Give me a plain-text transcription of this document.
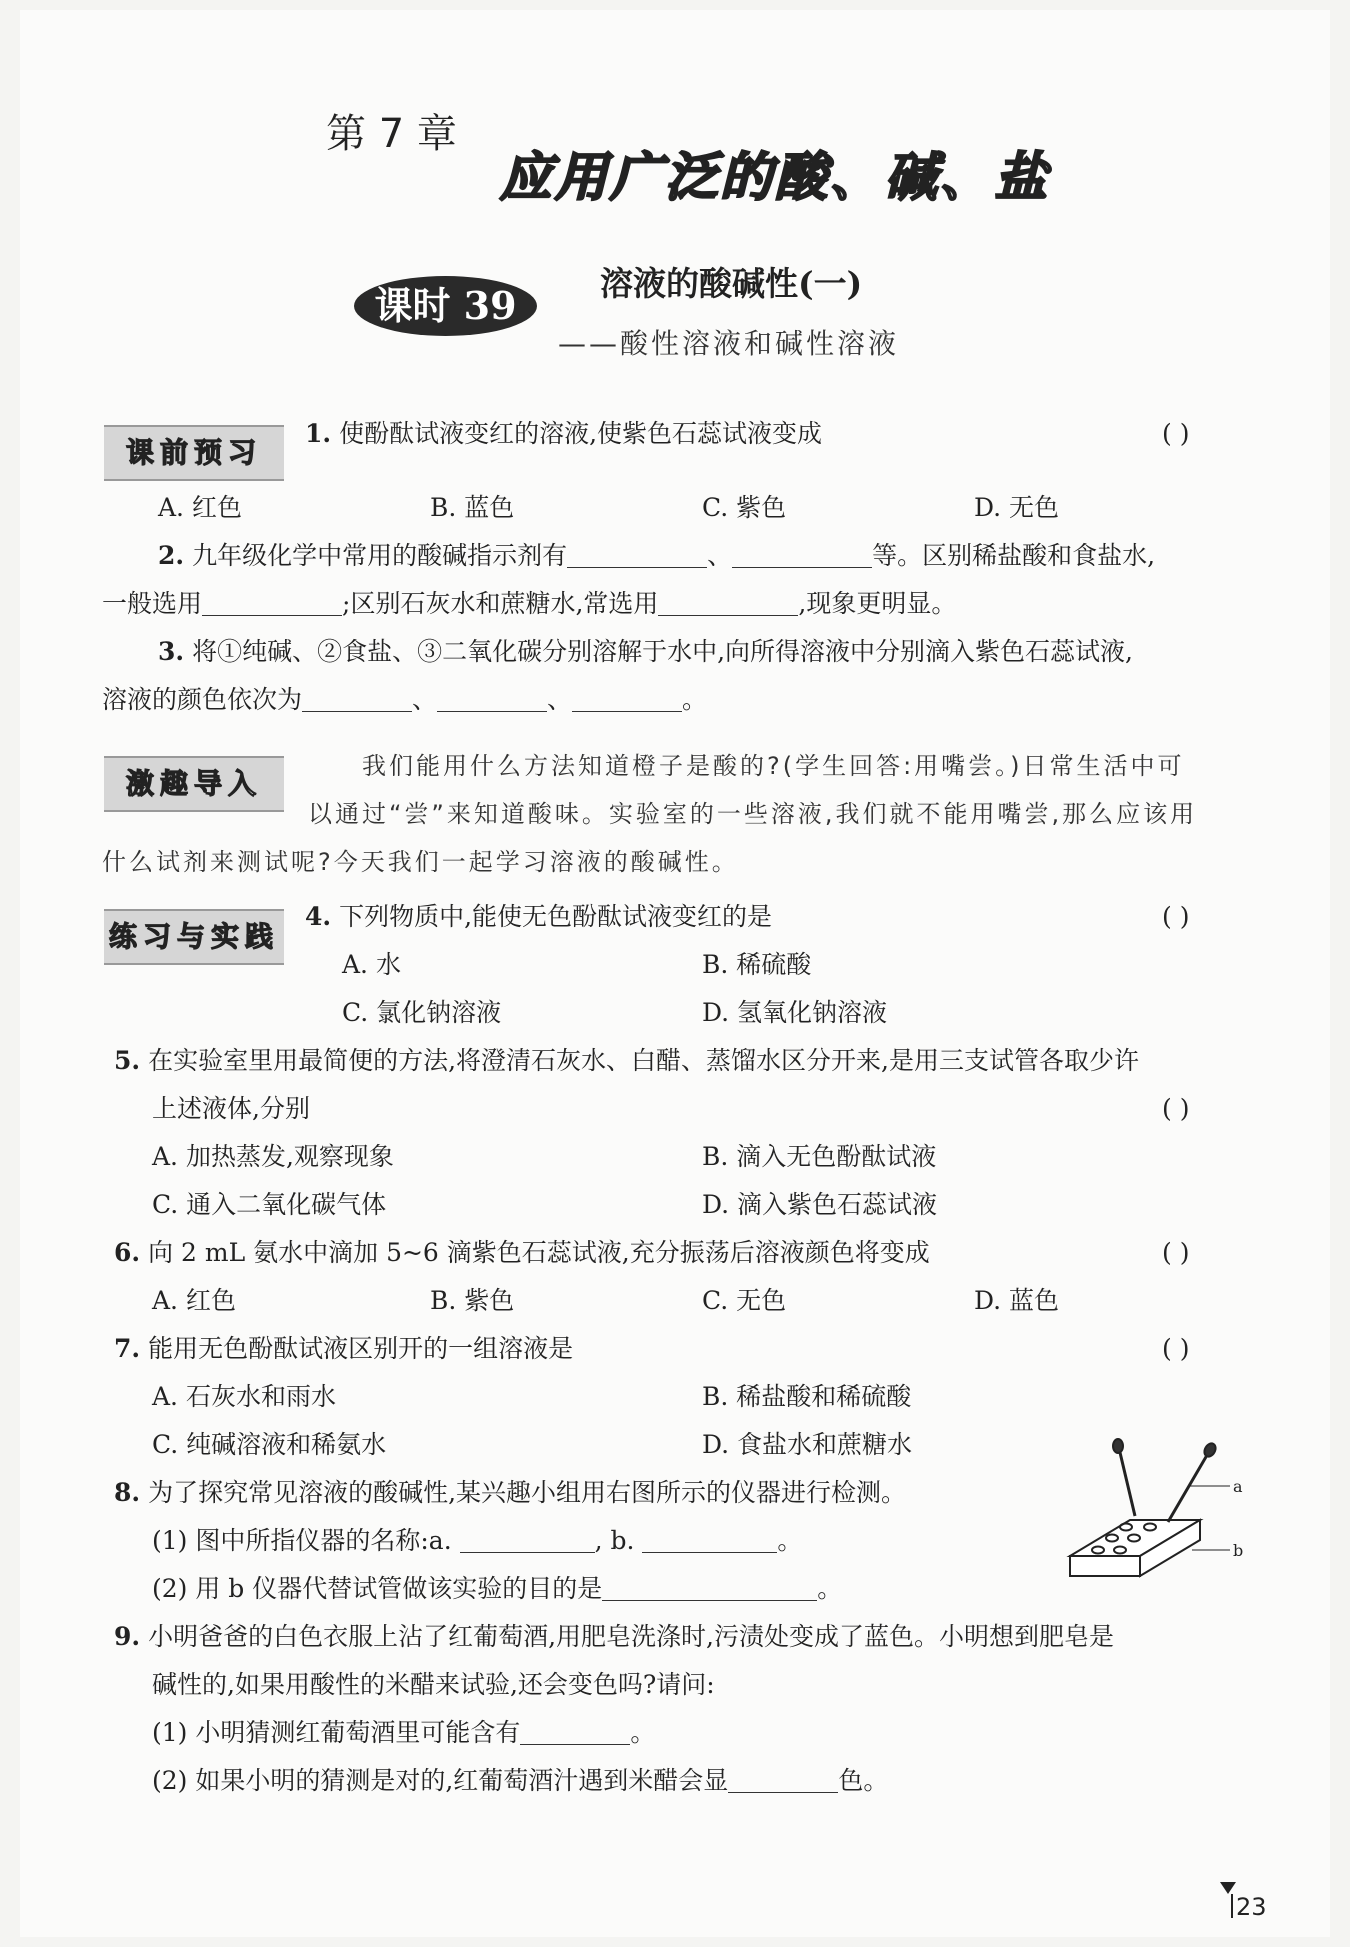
第 7 章
应用广泛的酸、碱、盐
课时 39	溶液的酸碱性(一)
——酸性溶液和碱性溶液
课前预习
1. 使酚酞试液变红的溶液,使紫色石蕊试液变成	( )
A. 红色	B. 蓝色	C. 紫色	D. 无色
2. 九年级化学中常用的酸碱指示剂有	、	等。区别稀盐酸和食盐水,
一般选用	;区别石灰水和蔗糖水,常选用	,现象更明显。
3. 将①纯碱、②食盐、③二氧化碳分别溶解于水中,向所得溶液中分别滴入紫色石蕊试液,
溶液的颜色依次为	、	、	。
激趣导入
我们能用什么方法知道橙子是酸的?(学生回答:用嘴尝。)日常生活中可
以通过“尝”来知道酸味。实验室的一些溶液,我们就不能用嘴尝,那么应该用
什么试剂来测试呢?今天我们一起学习溶液的酸碱性。
练习与实践
4. 下列物质中,能使无色酚酞试液变红的是	( )
A. 水	B. 稀硫酸
C. 氯化钠溶液	D. 氢氧化钠溶液
5. 在实验室里用最简便的方法,将澄清石灰水、白醋、蒸馏水区分开来,是用三支试管各取少许
上述液体,分别	( )
A. 加热蒸发,观察现象	B. 滴入无色酚酞试液
C. 通入二氧化碳气体	D. 滴入紫色石蕊试液
6. 向 2 mL 氨水中滴加 5~6 滴紫色石蕊试液,充分振荡后溶液颜色将变成	( )
A. 红色	B. 紫色	C. 无色	D. 蓝色
7. 能用无色酚酞试液区别开的一组溶液是	( )
A. 石灰水和雨水	B. 稀盐酸和稀硫酸
C. 纯碱溶液和稀氨水	D. 食盐水和蔗糖水
8. 为了探究常见溶液的酸碱性,某兴趣小组用右图所示的仪器进行检测。
(1) 图中所指仪器的名称:a.	, b.	。
(2) 用 b 仪器代替试管做该实验的目的是	。
a
b
9. 小明爸爸的白色衣服上沾了红葡萄酒,用肥皂洗涤时,污渍处变成了蓝色。小明想到肥皂是
碱性的,如果用酸性的米醋来试验,还会变色吗?请问:
(1) 小明猜测红葡萄酒里可能含有	。
(2) 如果小明的猜测是对的,红葡萄酒汁遇到米醋会显	色。
23
